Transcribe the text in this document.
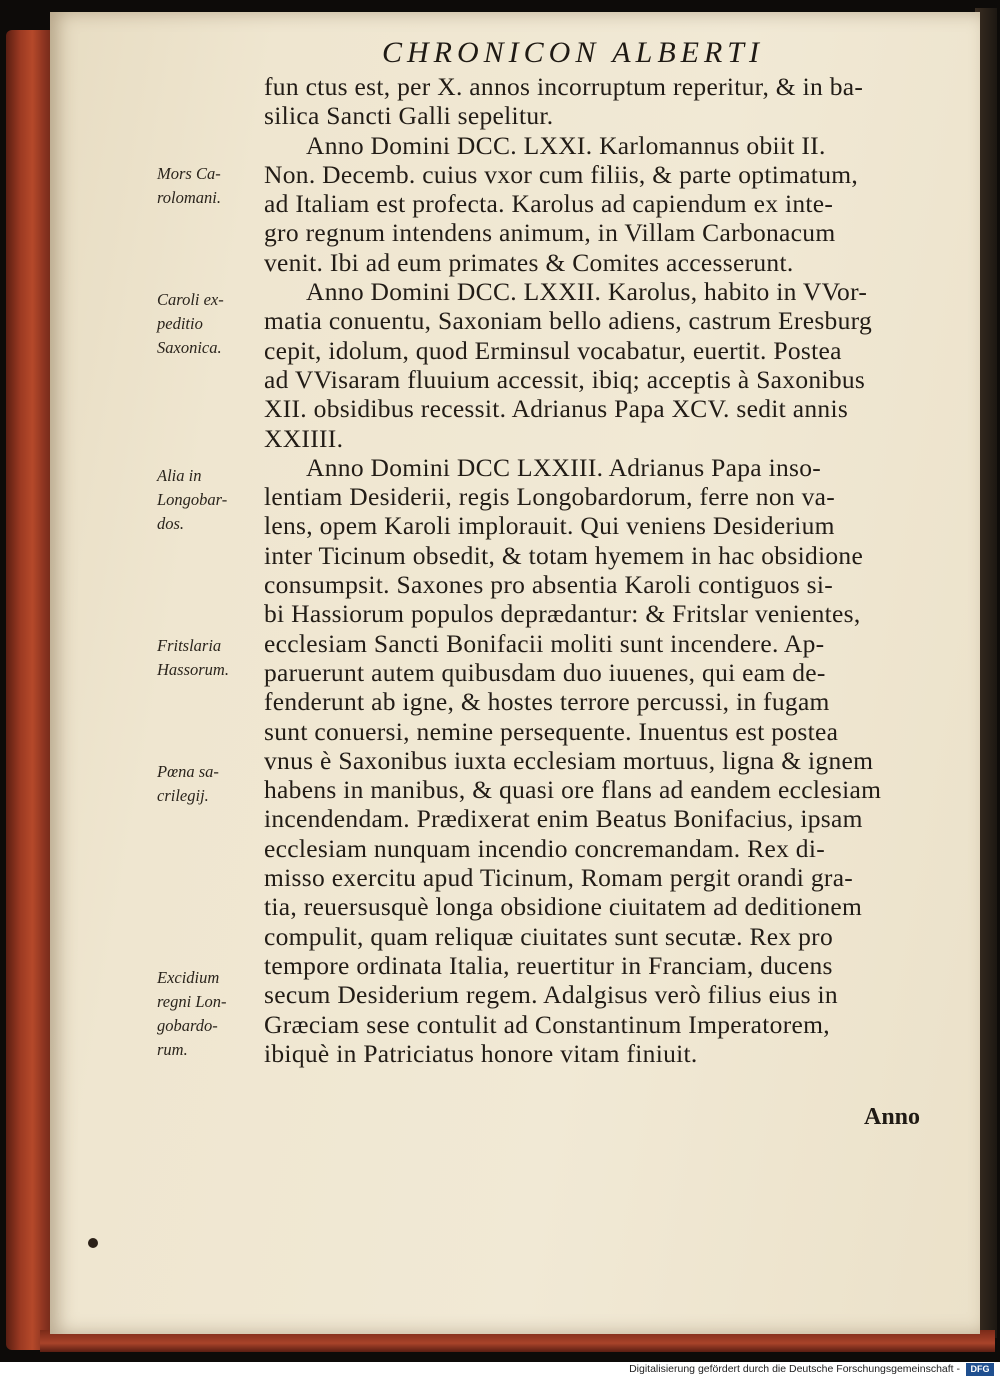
CHRONICON ALBERTI
fun ctus est, per X. annos incorruptum reperitur, & in ba-
silica Sancti Galli sepelitur.
Anno Domini DCC. LXXI. Karlomannus obiit II.
Non. Decemb. cuius vxor cum filiis, & parte optimatum,
ad Italiam est profecta. Karolus ad capiendum ex inte-
gro regnum intendens animum, in Villam Carbonacum
venit. Ibi ad eum primates & Comites accesserunt.
Anno Domini DCC. LXXII. Karolus, habito in VVor-
matia conuentu, Saxoniam bello adiens, castrum Eresburg
cepit, idolum, quod Erminsul vocabatur, euertit. Postea
ad VVisaram fluuium accessit, ibiq; acceptis à Saxonibus
XII. obsidibus recessit. Adrianus Papa XCV. sedit annis
XXIIII.
Anno Domini DCC LXXIII. Adrianus Papa inso-
lentiam Desiderii, regis Longobardorum, ferre non va-
lens, opem Karoli implorauit. Qui veniens Desiderium
inter Ticinum obsedit, & totam hyemem in hac obsidione
consumpsit. Saxones pro absentia Karoli contiguos si-
bi Hassiorum populos deprædantur: & Fritslar venientes,
ecclesiam Sancti Bonifacii moliti sunt incendere. Ap-
paruerunt autem quibusdam duo iuuenes, qui eam de-
fenderunt ab igne, & hostes terrore percussi, in fugam
sunt conuersi, nemine persequente. Inuentus est postea
vnus è Saxonibus iuxta ecclesiam mortuus, ligna & ignem
habens in manibus, & quasi ore flans ad eandem ecclesiam
incendendam. Prædixerat enim Beatus Bonifacius, ipsam
ecclesiam nunquam incendio concremandam. Rex di-
misso exercitu apud Ticinum, Romam pergit orandi gra-
tia, reuersusquè longa obsidione ciuitatem ad deditionem
compulit, quam reliquæ ciuitates sunt secutæ. Rex pro
tempore ordinata Italia, reuertitur in Franciam, ducens
secum Desiderium regem. Adalgisus verò filius eius in
Græciam sese contulit ad Constantinum Imperatorem,
ibiquè in Patriciatus honore vitam finiuit.
Mors Ca-
rolomani.
Caroli ex-
peditio
Saxonica.
Alia in
Longobar-
dos.
Fritslaria
Hassorum.
Pœna sa-
crilegij.
Excidium
regni Lon-
gobardo-
rum.
Anno
Digitalisierung gefördert durch die Deutsche Forschungsgemeinschaft -	DFG
